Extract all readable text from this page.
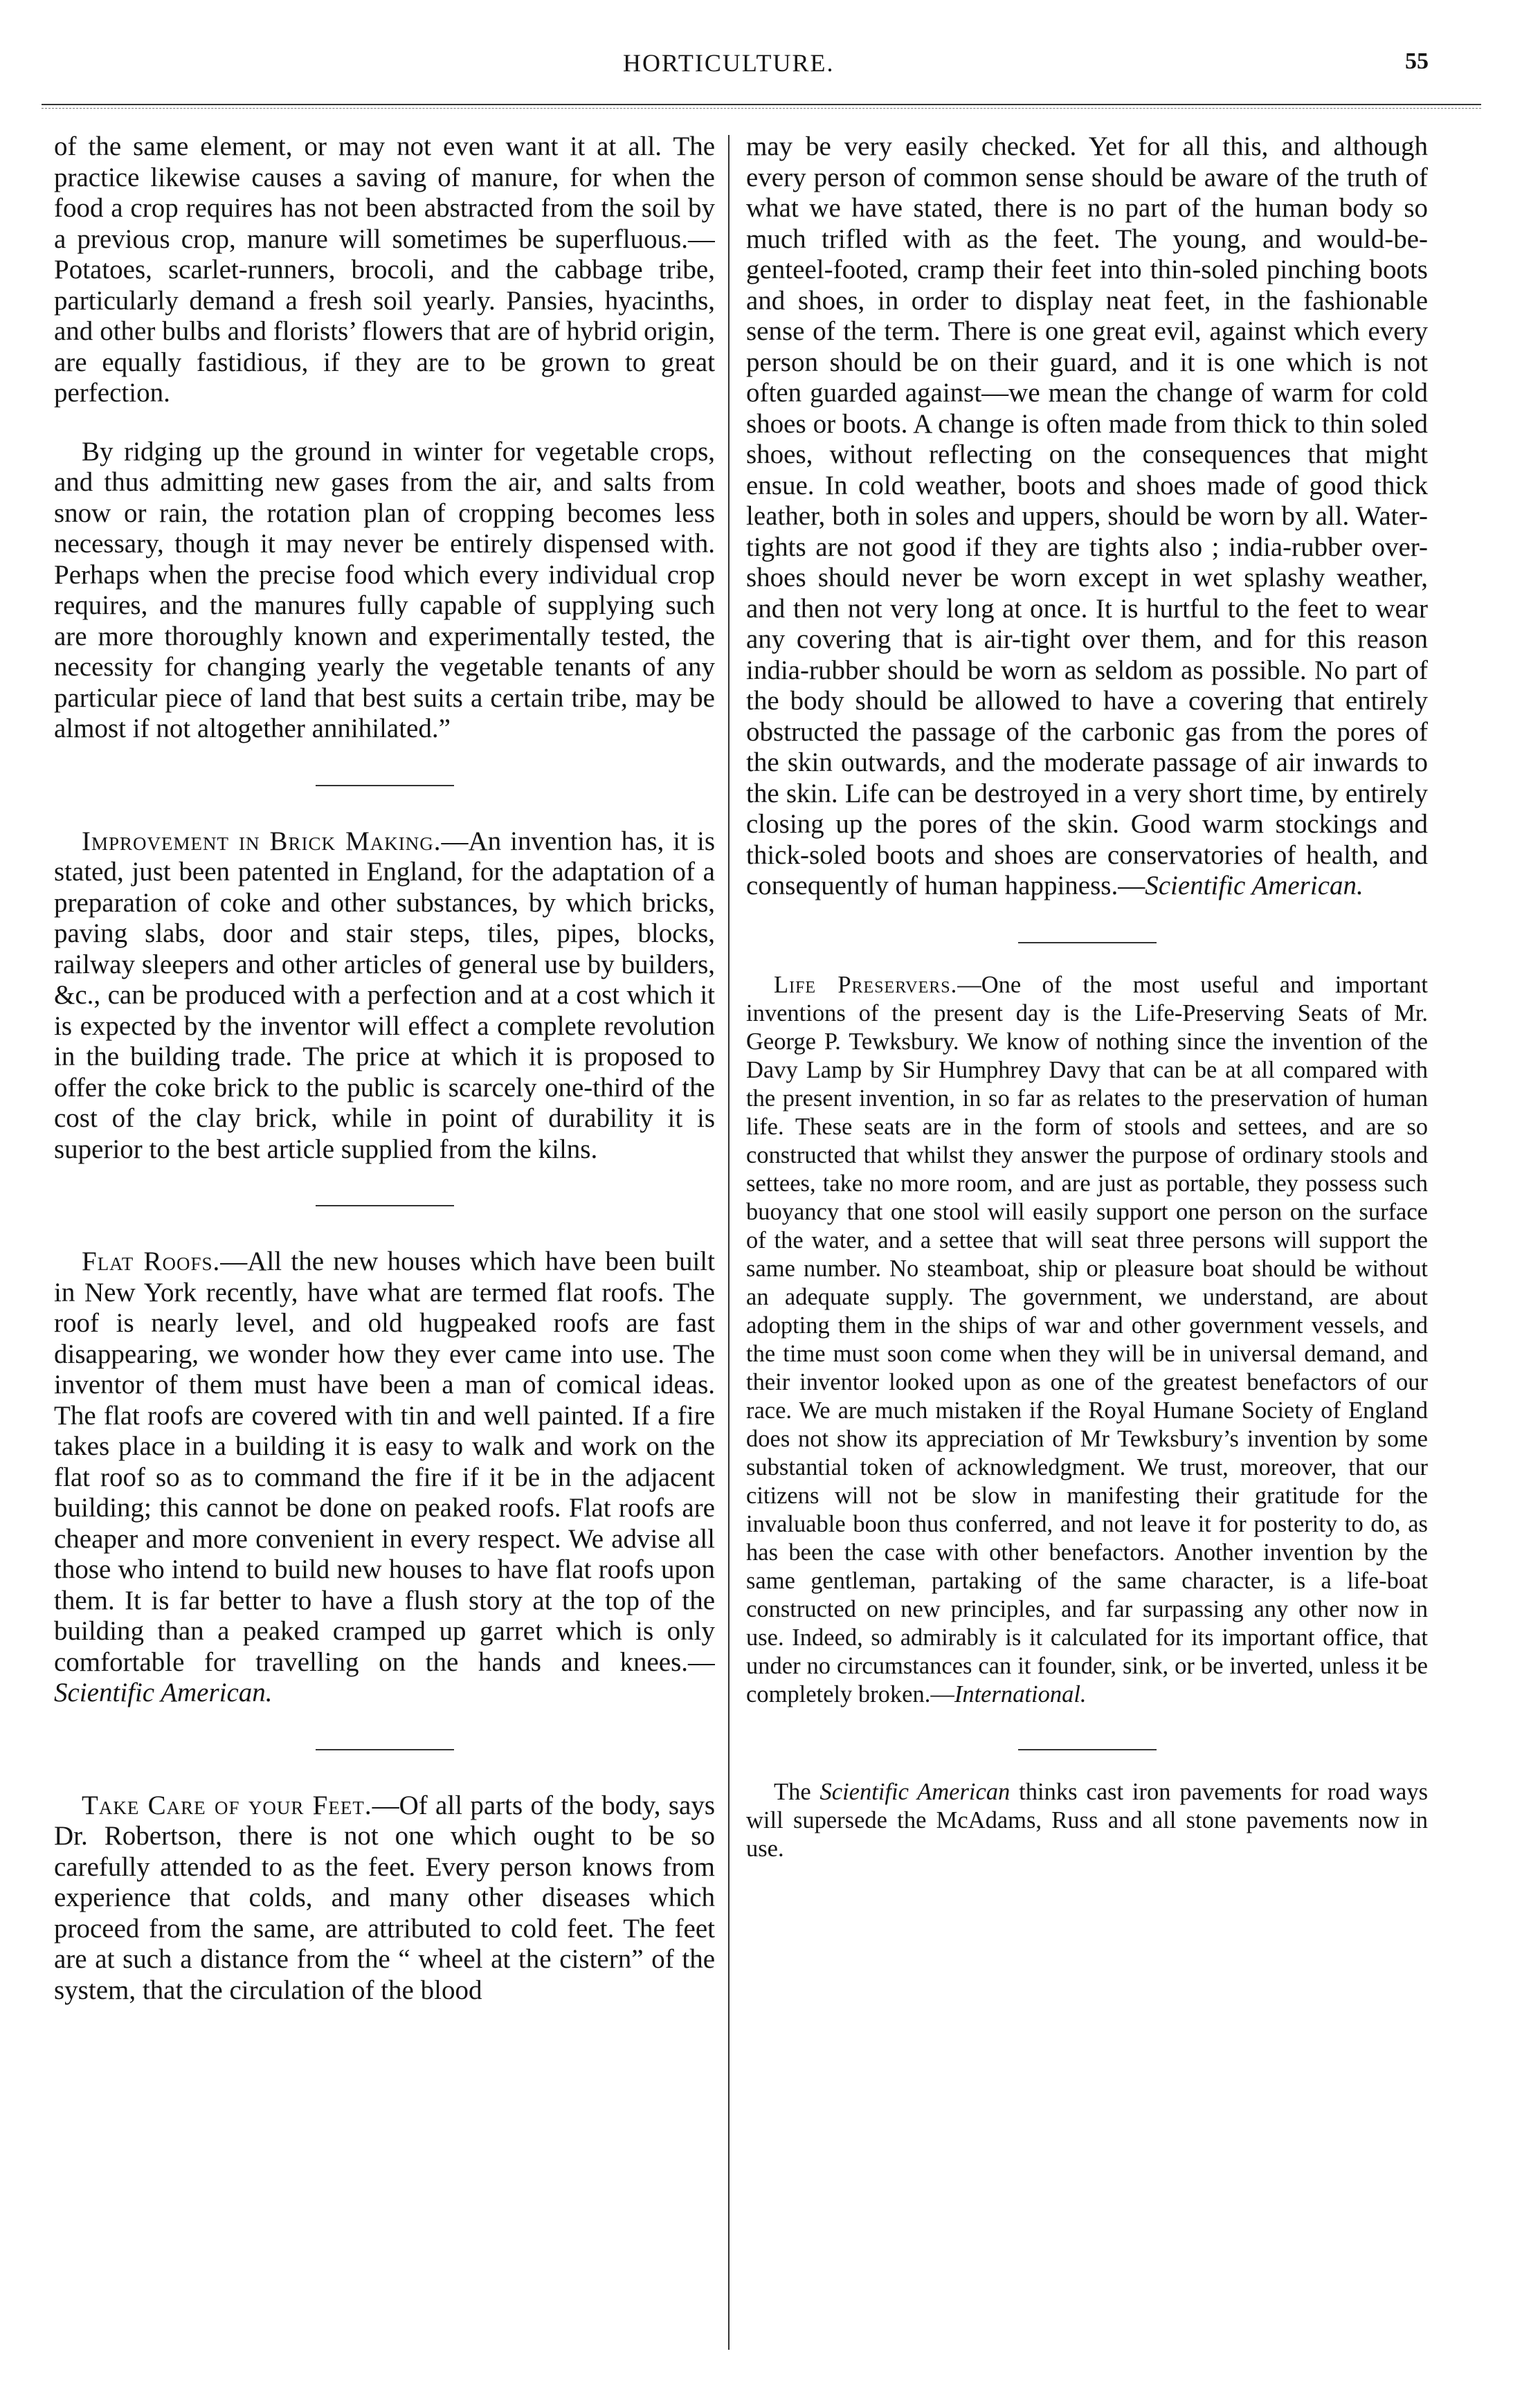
HORTICULTURE.	55

of the same element, or may not even want it at all. The practice likewise causes a saving of manure, for when the food a crop requires has not been abstracted from the soil by a previous crop, manure will sometimes be superfluous.— Potatoes, scarlet-runners, brocoli, and the cabbage tribe, particularly demand a fresh soil yearly. Pansies, hyacinths, and other bulbs and florists’ flowers that are of hybrid origin, are equally fastidious, if they are to be grown to great perfection.

By ridging up the ground in winter for vegetable crops, and thus admitting new gases from the air, and salts from snow or rain, the rotation plan of cropping becomes less necessary, though it may never be entirely dispensed with. Perhaps when the precise food which every individual crop requires, and the manures fully capable of supplying such are more thoroughly known and experimentally tested, the necessity for changing yearly the vegetable tenants of any particular piece of land that best suits a certain tribe, may be almost if not altogether annihilated.”

Improvement in Brick Making.—An invention has, it is stated, just been patented in England, for the adaptation of a preparation of coke and other substances, by which bricks, paving slabs, door and stair steps, tiles, pipes, blocks, railway sleepers and other articles of general use by builders, &c., can be produced with a perfection and at a cost which it is expected by the inventor will effect a complete revolution in the building trade. The price at which it is proposed to offer the coke brick to the public is scarcely one-third of the cost of the clay brick, while in point of durability it is superior to the best article supplied from the kilns.

Flat Roofs.—All the new houses which have been built in New York recently, have what are termed flat roofs. The roof is nearly level, and old hugpeaked roofs are fast disappearing, we wonder how they ever came into use. The inventor of them must have been a man of comical ideas. The flat roofs are covered with tin and well painted. If a fire takes place in a building it is easy to walk and work on the flat roof so as to command the fire if it be in the adjacent building; this cannot be done on peaked roofs. Flat roofs are cheaper and more convenient in every respect. We advise all those who intend to build new houses to have flat roofs upon them. It is far better to have a flush story at the top of the building than a peaked cramped up garret which is only comfortable for travelling on the hands and knees.—Scientific American.

Take Care of your Feet.—Of all parts of the body, says Dr. Robertson, there is not one which ought to be so carefully attended to as the feet. Every person knows from experience that colds, and many other diseases which proceed from the same, are attributed to cold feet. The feet are at such a distance from the “ wheel at the cistern” of the system, that the circulation of the blood

may be very easily checked. Yet for all this, and although every person of common sense should be aware of the truth of what we have stated, there is no part of the human body so much trifled with as the feet. The young, and would-be-genteel-footed, cramp their feet into thin-soled pinching boots and shoes, in order to display neat feet, in the fashionable sense of the term. There is one great evil, against which every person should be on their guard, and it is one which is not often guarded against—we mean the change of warm for cold shoes or boots. A change is often made from thick to thin soled shoes, without reflecting on the consequences that might ensue. In cold weather, boots and shoes made of good thick leather, both in soles and uppers, should be worn by all. Water-tights are not good if they are tights also ; india-rubber over-shoes should never be worn except in wet splashy weather, and then not very long at once. It is hurtful to the feet to wear any covering that is air-tight over them, and for this reason india-rubber should be worn as seldom as possible. No part of the body should be allowed to have a covering that entirely obstructed the passage of the carbonic gas from the pores of the skin outwards, and the moderate passage of air inwards to the skin. Life can be destroyed in a very short time, by entirely closing up the pores of the skin. Good warm stockings and thick-soled boots and shoes are conservatories of health, and consequently of human happiness.—Scientific American.

Life Preservers.—One of the most useful and important inventions of the present day is the Life-Preserving Seats of Mr. George P. Tewksbury. We know of nothing since the invention of the Davy Lamp by Sir Humphrey Davy that can be at all compared with the present invention, in so far as relates to the preservation of human life. These seats are in the form of stools and settees, and are so constructed that whilst they answer the purpose of ordinary stools and settees, take no more room, and are just as portable, they possess such buoyancy that one stool will easily support one person on the surface of the water, and a settee that will seat three persons will support the same number. No steamboat, ship or pleasure boat should be without an adequate supply. The government, we understand, are about adopting them in the ships of war and other government vessels, and the time must soon come when they will be in universal demand, and their inventor looked upon as one of the greatest benefactors of our race. We are much mistaken if the Royal Humane Society of England does not show its appreciation of Mr Tewksbury’s invention by some substantial token of acknowledgment. We trust, moreover, that our citizens will not be slow in manifesting their gratitude for the invaluable boon thus conferred, and not leave it for posterity to do, as has been the case with other benefactors. Another invention by the same gentleman, partaking of the same character, is a life-boat constructed on new principles, and far surpassing any other now in use. Indeed, so admirably is it calculated for its important office, that under no circumstances can it founder, sink, or be inverted, unless it be completely broken.—International.

The Scientific American thinks cast iron pavements for road ways will supersede the McAdams, Russ and all stone pavements now in use.
